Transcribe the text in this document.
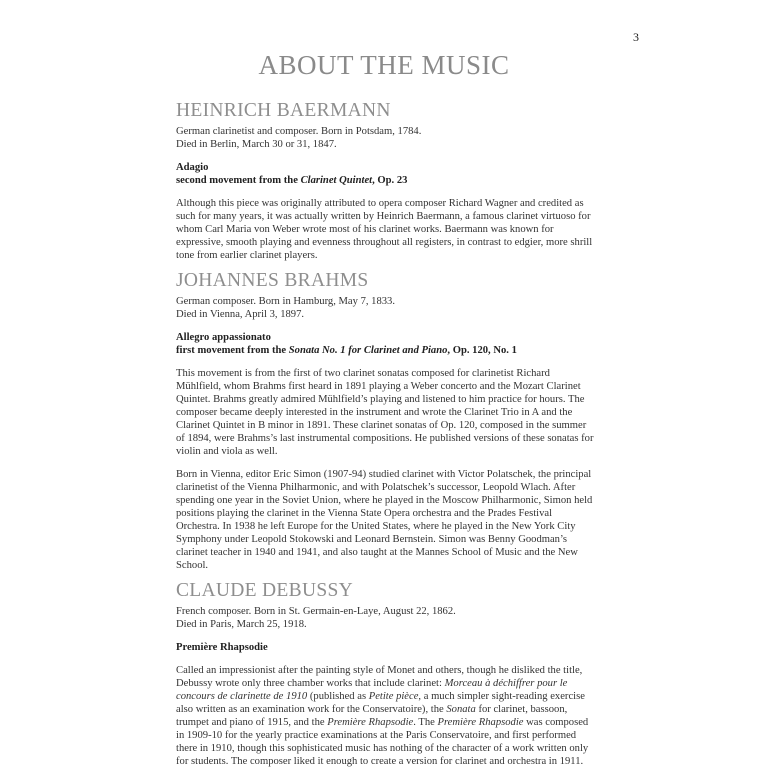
3
ABOUT THE MUSIC
HEINRICH BAERMANN

German clarinetist and composer. Born in Potsdam, 1784.

Died in Berlin, March 30 or 31, 1847.

Adagio

second movement from the Clarinet Quintet, Op. 23

Although this piece was originally attributed to opera composer Richard Wagner and credited as such for many years, it was actually written by Heinrich Baermann, a famous clarinet virtuoso for whom Carl Maria von Weber wrote most of his clarinet works. Baermann was known for expressive, smooth playing and evenness throughout all registers, in contrast to edgier, more shrill tone from earlier clarinet players.

JOHANNES BRAHMS

German composer. Born in Hamburg, May 7, 1833.

Died in Vienna, April 3, 1897.

Allegro appassionato

first movement from the Sonata No. 1 for Clarinet and Piano, Op. 120, No. 1

This movement is from the first of two clarinet sonatas composed for clarinetist Richard Mühlfield, whom Brahms first heard in 1891 playing a Weber concerto and the Mozart Clarinet Quintet. Brahms greatly admired Mühlfield’s playing and listened to him practice for hours. The composer became deeply interested in the instrument and wrote the Clarinet Trio in A and the Clarinet Quintet in B minor in 1891. These clarinet sonatas of Op. 120, composed in the summer of 1894, were Brahms’s last instrumental compositions. He published versions of these sonatas for violin and viola as well.

Born in Vienna, editor Eric Simon (1907-94) studied clarinet with Victor Polatschek, the principal clarinetist of the Vienna Philharmonic, and with Polatschek’s successor, Leopold Wlach. After spending one year in the Soviet Union, where he played in the Moscow Philharmonic, Simon held positions playing the clarinet in the Vienna State Opera orchestra and the Prades Festival Orchestra. In 1938 he left Europe for the United States, where he played in the New York City Symphony under Leopold Stokowski and Leonard Bernstein. Simon was Benny Goodman’s clarinet teacher in 1940 and 1941, and also taught at the Mannes School of Music and the New School.

CLAUDE DEBUSSY

French composer. Born in St. Germain-en-Laye, August 22, 1862.

Died in Paris, March 25, 1918.

Première Rhapsodie

Called an impressionist after the painting style of Monet and others, though he disliked the title, Debussy wrote only three chamber works that include clarinet: Morceau à déchiffrer pour le concours de clarinette de 1910 (published as Petite pièce, a much simpler sight-reading exercise also written as an examination work for the Conservatoire), the Sonata for clarinet, bassoon, trumpet and piano of 1915, and the Première Rhapsodie. The Première Rhapsodie was composed in 1909-10 for the yearly practice examinations at the Paris Conservatoire, and first performed there in 1910, though this sophisticated music has nothing of the character of a work written only for students. The composer liked it enough to create a version for clarinet and orchestra in 1911.
